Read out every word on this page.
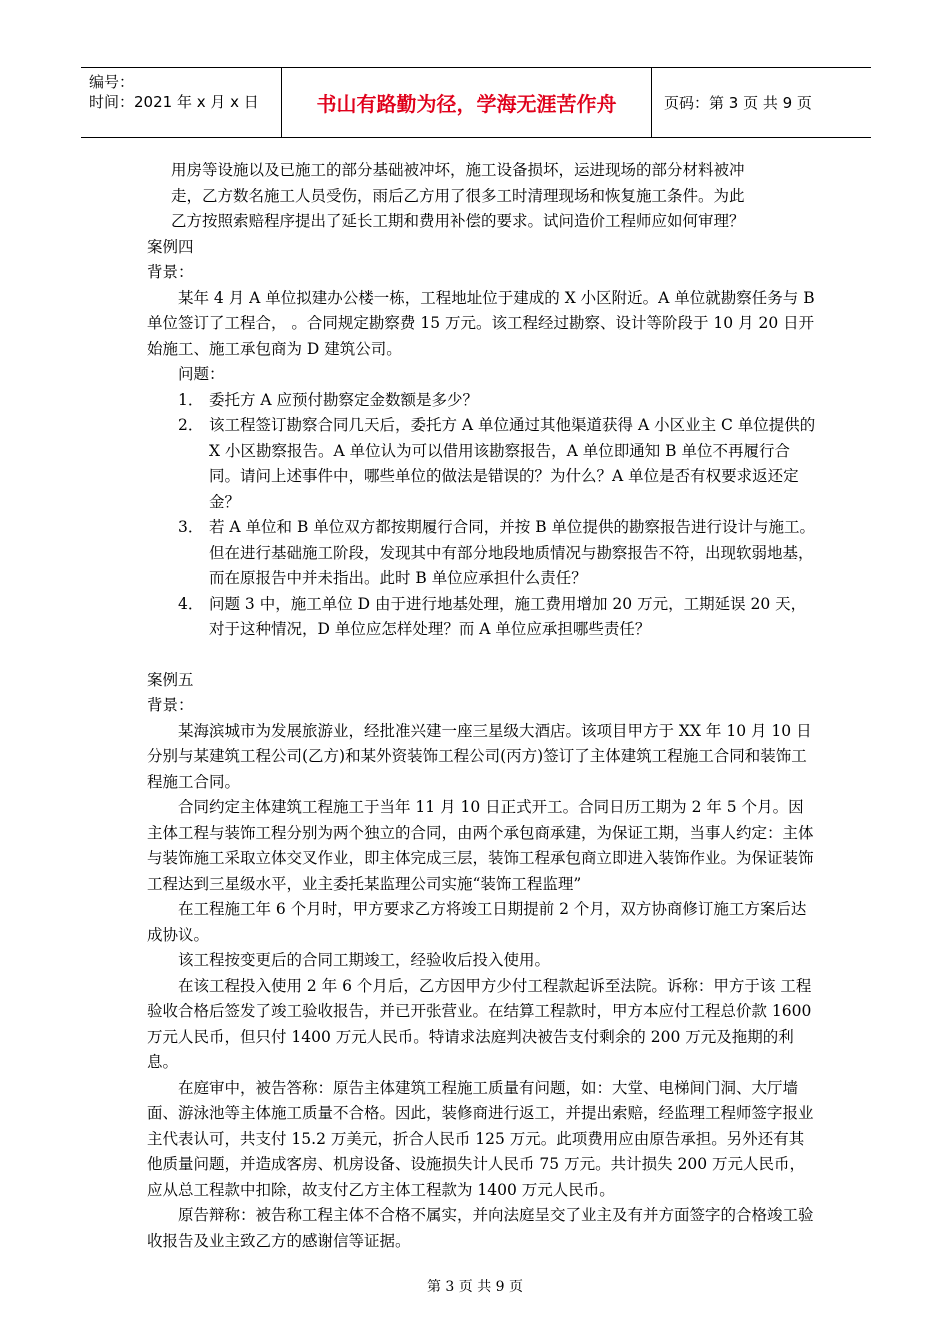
编号：
时间：2021 年 x 月 x 日	书山有路勤为径，学海无涯苦作舟	页码：第 3 页 共 9 页

用房等设施以及已施工的部分基础被冲坏，施工设备损坏，运进现场的部分材料被冲

走，乙方数名施工人员受伤，雨后乙方用了很多工时清理现场和恢复施工条件。为此

乙方按照索赔程序提出了延长工期和费用补偿的要求。试问造价工程师应如何审理？

案例四

背景：

某年 4 月 A 单位拟建办公楼一栋，工程地址位于建成的 X 小区附近。A 单位就勘察任务与 B 单位签订了工程合， 。合同规定勘察费 15 万元。该工程经过勘察、设计等阶段于 10 月 20 日开始施工、施工承包商为 D 建筑公司。

问题：

1． 委托方 A 应预付勘察定金数额是多少？
2． 该工程签订勘察合同几天后，委托方 A 单位通过其他渠道获得 A 小区业主 C 单位提供的 X 小区勘察报告。A 单位认为可以借用该勘察报告，A 单位即通知 B 单位不再履行合同。请问上述事件中，哪些单位的做法是错误的？为什么？A 单位是否有权要求返还定金？
3． 若 A 单位和 B 单位双方都按期履行合同，并按 B 单位提供的勘察报告进行设计与施工。但在进行基础施工阶段，发现其中有部分地段地质情况与勘察报告不符，出现软弱地基，而在原报告中并未指出。此时 B 单位应承担什么责任？
4． 问题 3 中，施工单位 D 由于进行地基处理，施工费用增加 20 万元，工期延误 20 天，对于这种情况，D 单位应怎样处理？而 A 单位应承担哪些责任？

案例五

背景：

某海滨城市为发展旅游业，经批准兴建一座三星级大酒店。该项目甲方于 XX 年 10 月 10 日分别与某建筑工程公司(乙方)和某外资装饰工程公司(丙方)签订了主体建筑工程施工合同和装饰工程施工合同。

合同约定主体建筑工程施工于当年 11 月 10 日正式开工。合同日历工期为 2 年 5 个月。因主体工程与装饰工程分别为两个独立的合同，由两个承包商承建，为保证工期，当事人约定：主体与装饰施工采取立体交叉作业，即主体完成三层，装饰工程承包商立即进入装饰作业。为保证装饰工程达到三星级水平，业主委托某监理公司实施“装饰工程监理”

在工程施工年 6 个月时，甲方要求乙方将竣工日期提前 2 个月，双方协商修订施工方案后达成协议。

该工程按变更后的合同工期竣工，经验收后投入使用。

在该工程投入使用 2 年 6 个月后，乙方因甲方少付工程款起诉至法院。诉称：甲方于该 工程验收合格后签发了竣工验收报告，并已开张营业。在结算工程款时，甲方本应付工程总价款 1600 万元人民币，但只付 1400 万元人民币。特请求法庭判决被告支付剩余的 200 万元及拖期的利息。

在庭审中，被告答称：原告主体建筑工程施工质量有问题，如：大堂、电梯间门洞、大厅墙面、游泳池等主体施工质量不合格。因此，装修商进行返工，并提出索赔，经监理工程师签字报业主代表认可，共支付 15.2 万美元，折合人民币 125 万元。此项费用应由原告承担。另外还有其他质量问题，并造成客房、机房设备、设施损失计人民币 75 万元。共计损失 200 万元人民币，应从总工程款中扣除，故支付乙方主体工程款为 1400 万元人民币。

原告辩称：被告称工程主体不合格不属实，并向法庭呈交了业主及有并方面签字的合格竣工验收报告及业主致乙方的感谢信等证据。

第 3 页 共 9 页
